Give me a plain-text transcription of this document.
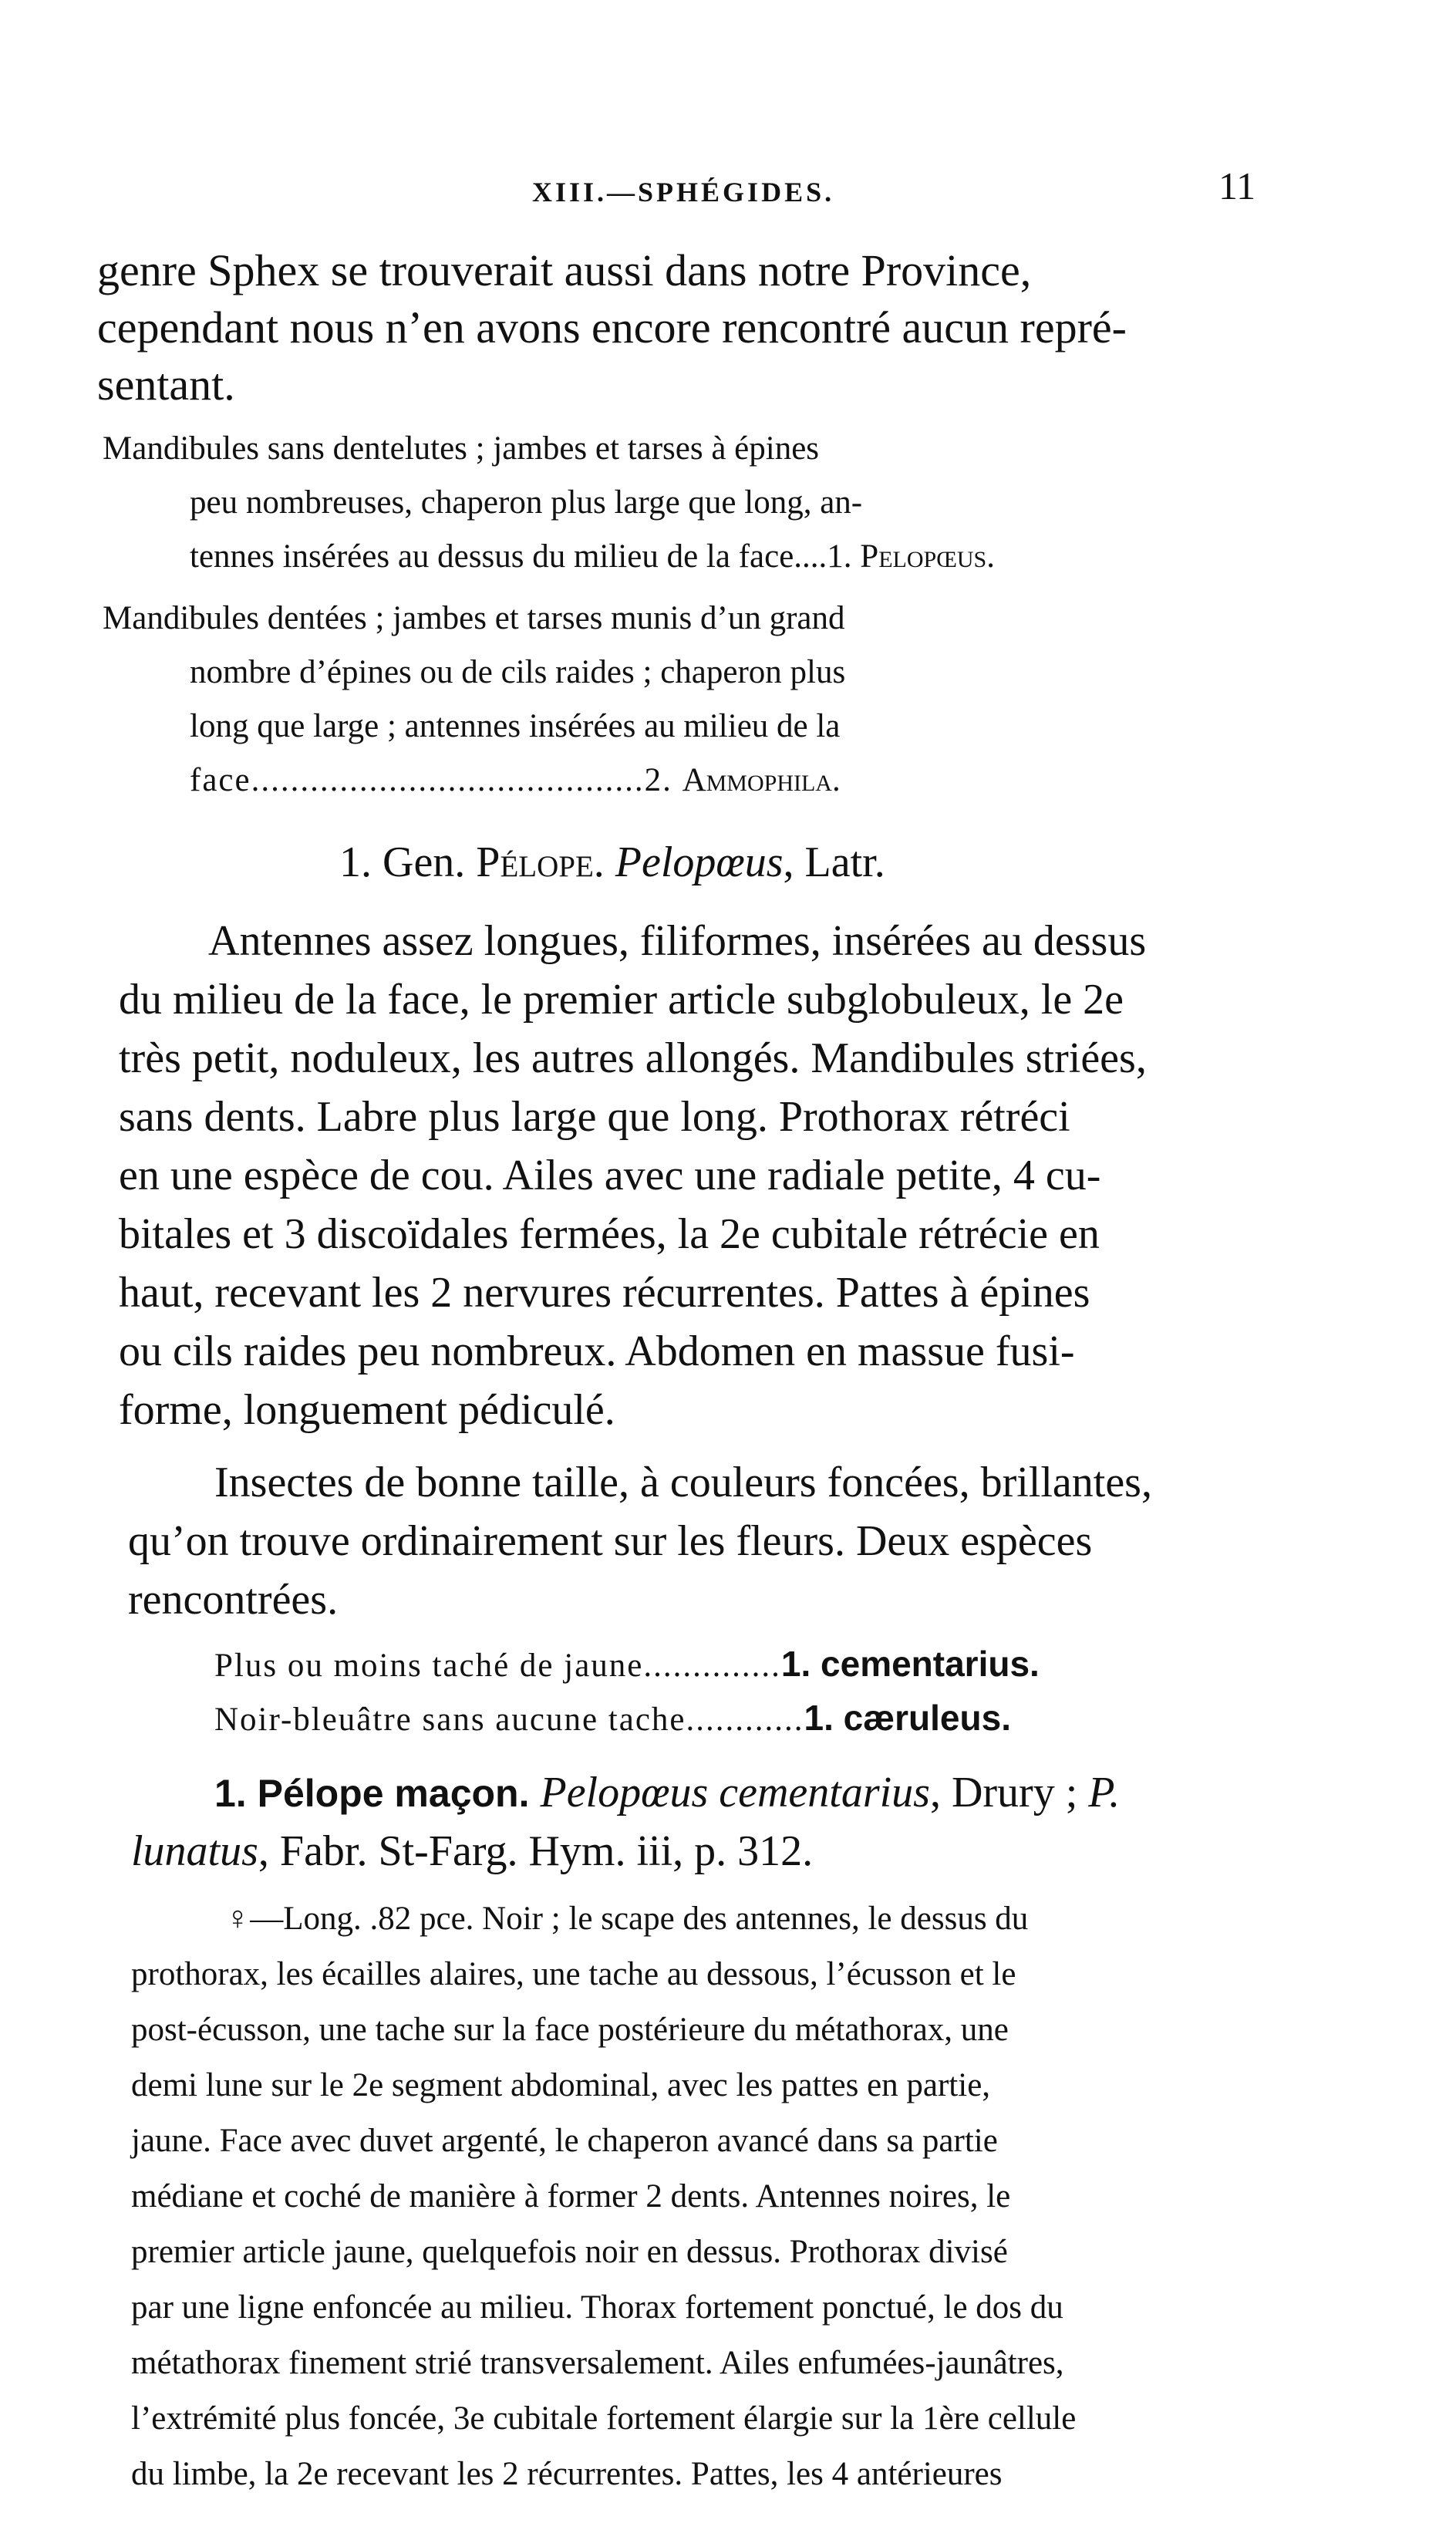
XIII.—SPHÉGIDES.	11
genre Sphex se trouverait aussi dans notre Province,
cependant nous n’en avons encore rencontré aucun repré-
sentant.
Mandibules sans dentelutes ; jambes et tarses à épines
peu nombreuses, chaperon plus large que long, an-
tennes insérées au dessus du milieu de la face....1. Pelopœus.
Mandibules dentées ; jambes et tarses munis d’un grand
nombre d’épines ou de cils raides ; chaperon plus
long que large ; antennes insérées au milieu de la
face........................................2. Ammophila.
1. Gen. Pélope. Pelopœus, Latr.
Antennes assez longues, filiformes, insérées au dessus
du milieu de la face, le premier article subglobuleux, le 2e
très petit, noduleux, les autres allongés. Mandibules striées,
sans dents. Labre plus large que long. Prothorax rétréci
en une espèce de cou. Ailes avec une radiale petite, 4 cu-
bitales et 3 discoïdales fermées, la 2e cubitale rétrécie en
haut, recevant les 2 nervures récurrentes. Pattes à épines
ou cils raides peu nombreux. Abdomen en massue fusi-
forme, longuement pédiculé.
Insectes de bonne taille, à couleurs foncées, brillantes,
qu’on trouve ordinairement sur les fleurs. Deux espèces
rencontrées.
Plus ou moins taché de jaune..............1. cementarius.
Noir-bleuâtre sans aucune tache............1. cæruleus.
1. Pélope maçon. Pelopœus cementarius, Drury ; P.
lunatus, Fabr. St-Farg. Hym. iii, p. 312.
♀—Long. .82 pce. Noir ; le scape des antennes, le dessus du
prothorax, les écailles alaires, une tache au dessous, l’écusson et le
post-écusson, une tache sur la face postérieure du métathorax, une
demi lune sur le 2e segment abdominal, avec les pattes en partie,
jaune. Face avec duvet argenté, le chaperon avancé dans sa partie
médiane et coché de manière à former 2 dents. Antennes noires, le
premier article jaune, quelquefois noir en dessus. Prothorax divisé
par une ligne enfoncée au milieu. Thorax fortement ponctué, le dos du
métathorax finement strié transversalement. Ailes enfumées-jaunâtres,
l’extrémité plus foncée, 3e cubitale fortement élargie sur la 1ère cellule
du limbe, la 2e recevant les 2 récurrentes. Pattes, les 4 antérieures
